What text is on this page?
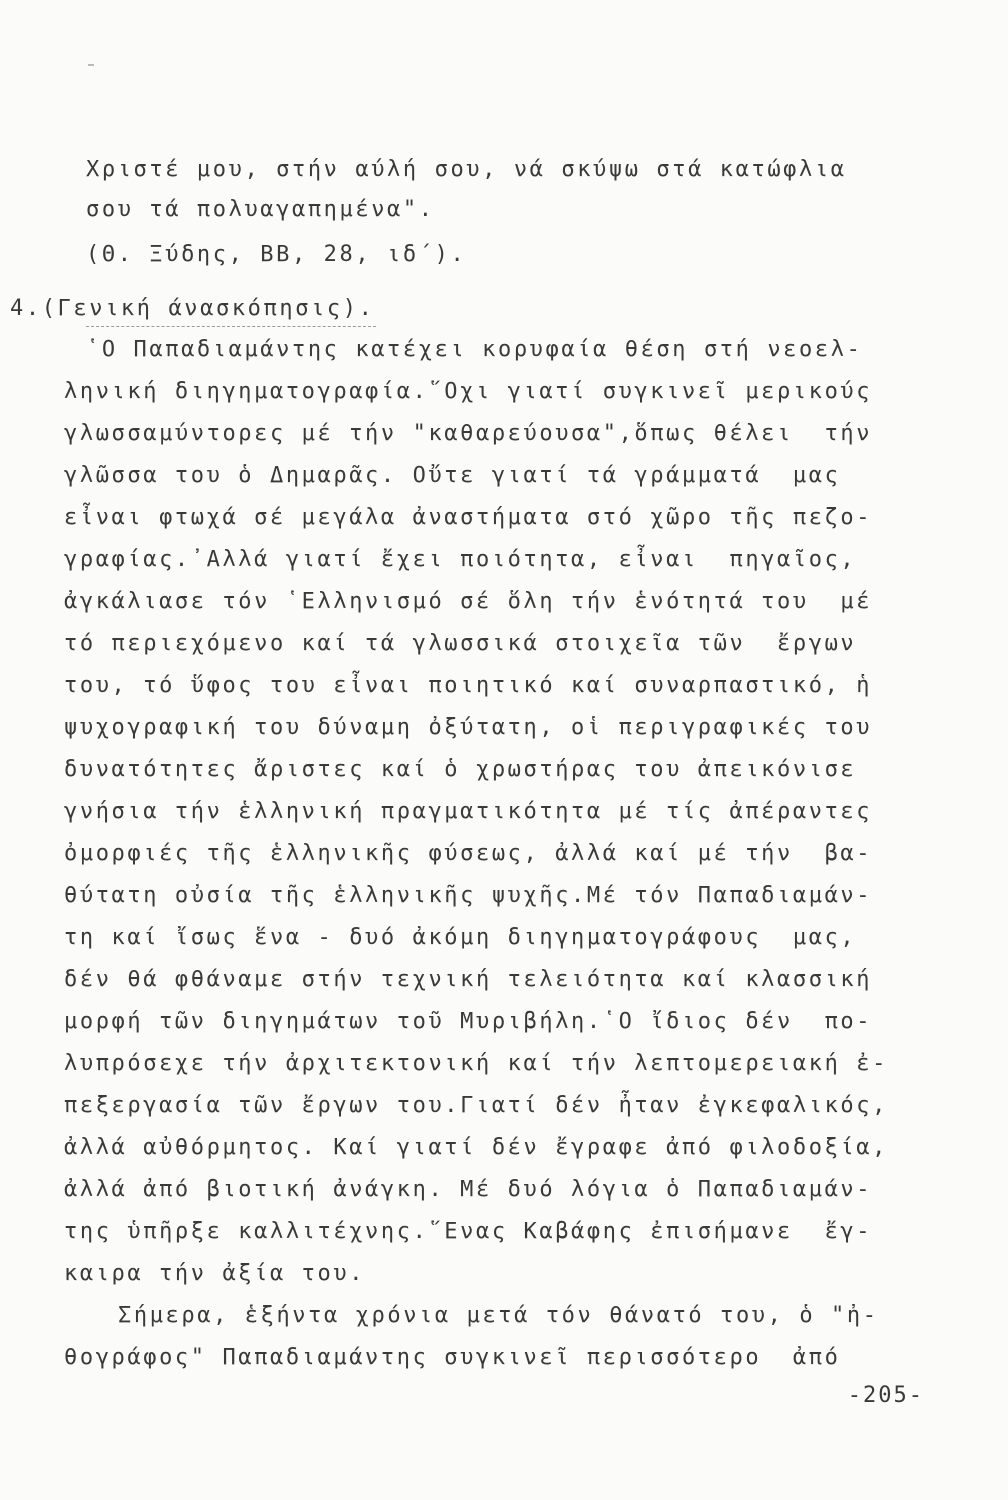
Χριστέ μου, στήν αύλή σου, νά σκύψω στά κατώφλια
σου τά πολυαγαπημένα".
(Θ. Ξύδης, ΒΒ, 28, ιδ΄).
4.(Γενική άνασκόπησις).
῾Ο Παπαδιαμάντης κατέχει κορυφαία θέση στή νεοελ-
ληνική διηγηματογραφία.῞Οχι γιατί συγκινεῖ μερικούς
γλωσσαμύντορες μέ τήν "καθαρεύουσα",ὅπως θέλει  τήν
γλῶσσα του ὁ Δημαρᾶς. Οὔτε γιατί τά γράμματά  μας
εἶναι φτωχά σέ μεγάλα ἀναστήματα στό χῶρο τῆς πεζο-
γραφίας.᾿Αλλά γιατί ἔχει ποιότητα, εἶναι  πηγαῖος,
ἀγκάλιασε τόν ῾Ελληνισμό σέ ὅλη τήν ἑνότητά του  μέ
τό περιεχόμενο καί τά γλωσσικά στοιχεῖα τῶν  ἔργων
του, τό ὕφος του εἶναι ποιητικό καί συναρπαστικό, ἡ
ψυχογραφική του δύναμη ὀξύτατη, οἱ περιγραφικές του
δυνατότητες ἄριστες καί ὁ χρωστήρας του ἀπεικόνισε
γνήσια τήν ἑλληνική πραγματικότητα μέ τίς ἀπέραντες
ὀμορφιές τῆς ἑλληνικῆς φύσεως, ἀλλά καί μέ τήν  βα-
θύτατη οὐσία τῆς ἑλληνικῆς ψυχῆς.Μέ τόν Παπαδιαμάν-
τη καί ἴσως ἕνα - δυό ἀκόμη διηγηματογράφους  μας,
δέν θά φθάναμε στήν τεχνική τελειότητα καί κλασσική
μορφή τῶν διηγημάτων τοῦ Μυριβήλη.῾Ο ἴδιος δέν  πο-
λυπρόσεχε τήν ἀρχιτεκτονική καί τήν λεπτομερειακή ἐ-
πεξεργασία τῶν ἔργων του.Γιατί δέν ἦταν ἐγκεφαλικός,
ἀλλά αὐθόρμητος. Καί γιατί δέν ἔγραφε ἀπό φιλοδοξία,
ἀλλά ἀπό βιοτική ἀνάγκη. Μέ δυό λόγια ὁ Παπαδιαμάν-
της ὑπῆρξε καλλιτέχνης.῞Ενας Καβάφης ἐπισήμανε  ἔγ-
καιρα τήν ἀξία του.
Σήμερα, ἑξήντα χρόνια μετά τόν θάνατό του, ὁ "ἠ-
θογράφος" Παπαδιαμάντης συγκινεῖ περισσότερο  ἀπό
-205-
